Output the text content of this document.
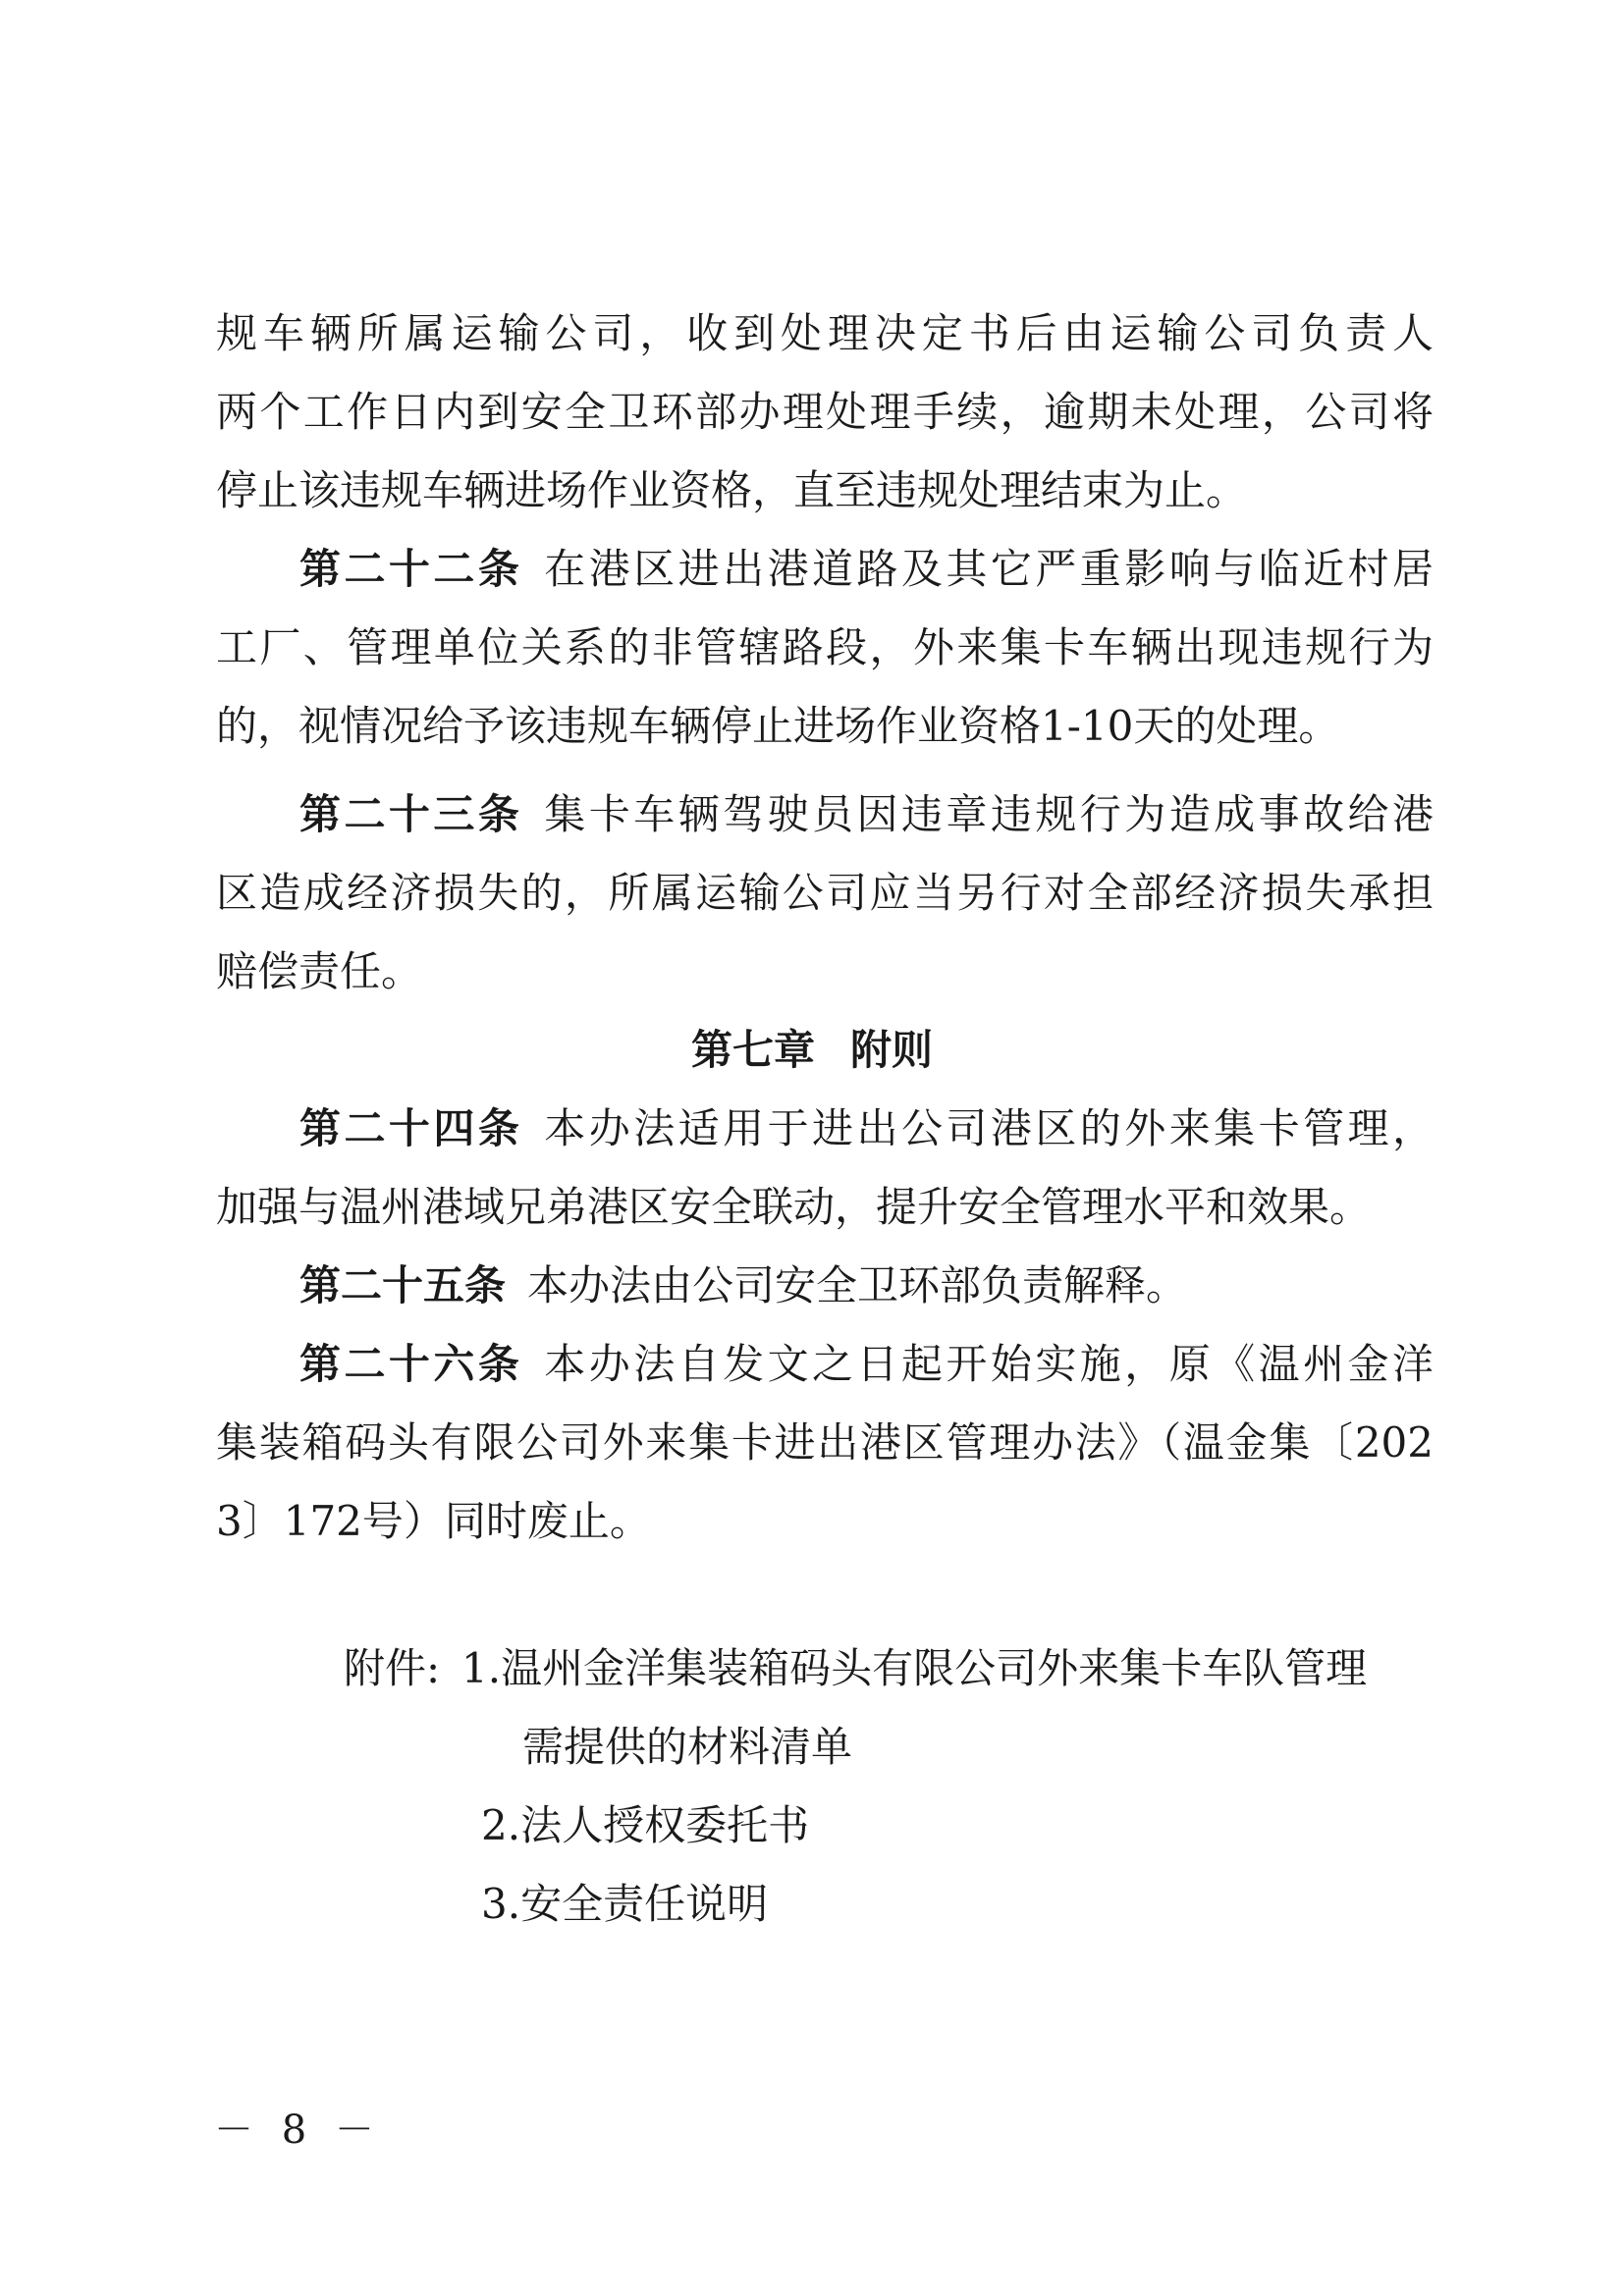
规车辆所属运输公司，收到处理决定书后由运输公司负责人
两个工作日内到安全卫环部办理处理手续，逾期未处理，公司将
停止该违规车辆进场作业资格，直至违规处理结束为止。
第二十二条 在港区进出港道路及其它严重影响与临近村居
工厂、管理单位关系的非管辖路段，外来集卡车辆出现违规行为
的，视情况给予该违规车辆停止进场作业资格1-10天的处理。
第二十三条 集卡车辆驾驶员因违章违规行为造成事故给港
区造成经济损失的，所属运输公司应当另行对全部经济损失承担
赔偿责任。
第七章 附则
第二十四条 本办法适用于进出公司港区的外来集卡管理，
加强与温州港域兄弟港区安全联动，提升安全管理水平和效果。
第二十五条 本办法由公司安全卫环部负责解释。
第二十六条 本办法自发文之日起开始实施，原《温州金洋
集装箱码头有限公司外来集卡进出港区管理办法》（温金集〔202
3〕172号）同时废止。
附件: 1.温州金洋集装箱码头有限公司外来集卡车队管理
需提供的材料清单
2.法人授权委托书
3.安全责任说明
－ 8 －
